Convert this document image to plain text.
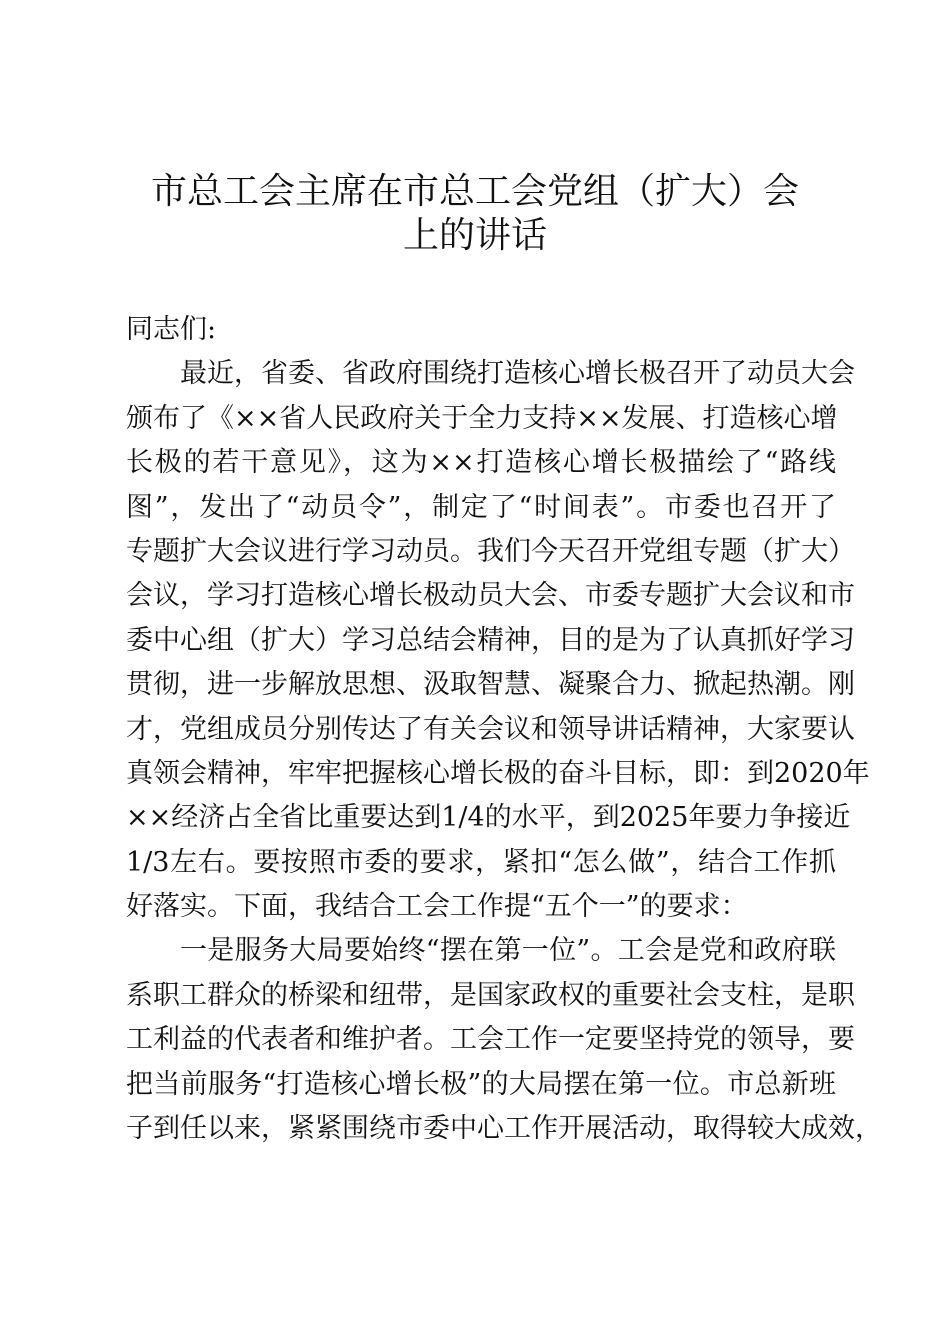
市总工会主席在市总工会党组（扩大）会
上的讲话
同志们:
最近，省委、省政府围绕打造核心增长极召开了动员大会
颁布了《××省人民政府关于全力支持××发展、打造核心增
长极的若干意见》，这为××打造核心增长极描绘了“路线
图”，发出了“动员令”，制定了“时间表”。市委也召开了
专题扩大会议进行学习动员。我们今天召开党组专题（扩大）
会议，学习打造核心增长极动员大会、市委专题扩大会议和市
委中心组（扩大）学习总结会精神，目的是为了认真抓好学习
贯彻，进一步解放思想、汲取智慧、凝聚合力、掀起热潮。刚
才，党组成员分别传达了有关会议和领导讲话精神，大家要认
真领会精神，牢牢把握核心增长极的奋斗目标，即：到2020年
××经济占全省比重要达到1/4的水平，到2025年要力争接近
1/3左右。要按照市委的要求，紧扣“怎么做”，结合工作抓
好落实。下面，我结合工会工作提“五个一”的要求：
一是服务大局要始终“摆在第一位”。工会是党和政府联
系职工群众的桥梁和纽带，是国家政权的重要社会支柱，是职
工利益的代表者和维护者。工会工作一定要坚持党的领导，要
把当前服务“打造核心增长极”的大局摆在第一位。市总新班
子到任以来，紧紧围绕市委中心工作开展活动，取得较大成效，
